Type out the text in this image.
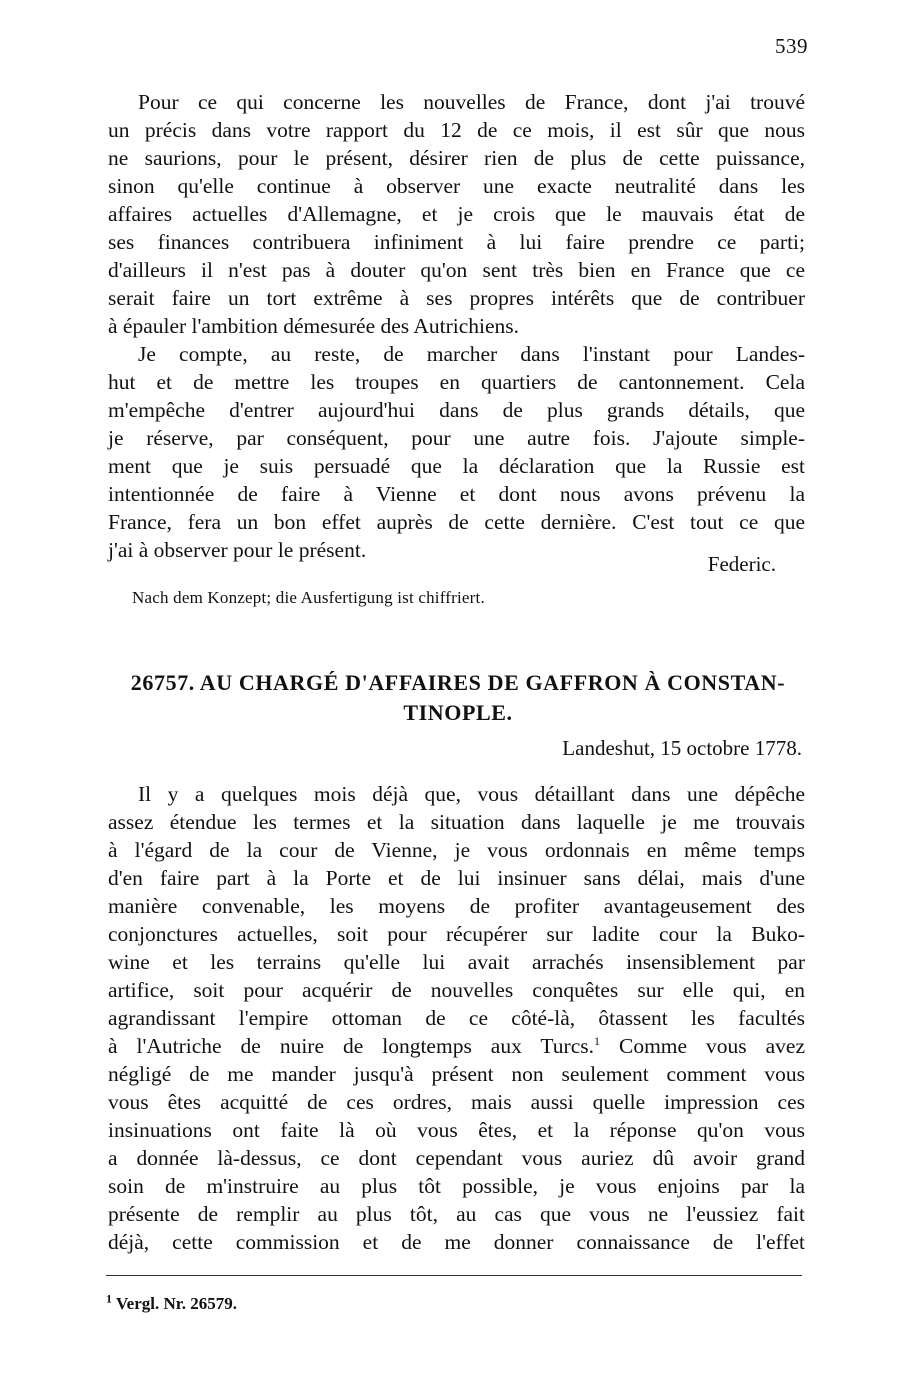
539
Pour ce qui concerne les nouvelles de France, dont j'ai trouvé
un précis dans votre rapport du 12 de ce mois, il est sûr que nous
ne saurions, pour le présent, désirer rien de plus de cette puissance,
sinon qu'elle continue à observer une exacte neutralité dans les
affaires actuelles d'Allemagne, et je crois que le mauvais état de
ses finances contribuera infiniment à lui faire prendre ce parti;
d'ailleurs il n'est pas à douter qu'on sent très bien en France que ce
serait faire un tort extrême à ses propres intérêts que de contribuer
à épauler l'ambition démesurée des Autrichiens.
Je compte, au reste, de marcher dans l'instant pour Landes-
hut et de mettre les troupes en quartiers de cantonnement. Cela
m'empêche d'entrer aujourd'hui dans de plus grands détails, que
je réserve, par conséquent, pour une autre fois. J'ajoute simple-
ment que je suis persuadé que la déclaration que la Russie est
intentionnée de faire à Vienne et dont nous avons prévenu la
France, fera un bon effet auprès de cette dernière. C'est tout ce que
j'ai à observer pour le présent.
Federic.
Nach dem Konzept; die Ausfertigung ist chiffriert.
26757. AU CHARGÉ D'AFFAIRES DE GAFFRON À CONSTAN-
TINOPLE.
Landeshut, 15 octobre 1778.
Il y a quelques mois déjà que, vous détaillant dans une dépêche
assez étendue les termes et la situation dans laquelle je me trouvais
à l'égard de la cour de Vienne, je vous ordonnais en même temps
d'en faire part à la Porte et de lui insinuer sans délai, mais d'une
manière convenable, les moyens de profiter avantageusement des
conjonctures actuelles, soit pour récupérer sur ladite cour la Buko-
wine et les terrains qu'elle lui avait arrachés insensiblement par
artifice, soit pour acquérir de nouvelles conquêtes sur elle qui, en
agrandissant l'empire ottoman de ce côté-là, ôtassent les facultés
à l'Autriche de nuire de longtemps aux Turcs.$^1$ Comme vous avez
négligé de me mander jusqu'à présent non seulement comment vous
vous êtes acquitté de ces ordres, mais aussi quelle impression ces
insinuations ont faite là où vous êtes, et la réponse qu'on vous
a donnée là-dessus, ce dont cependant vous auriez dû avoir grand
soin de m'instruire au plus tôt possible, je vous enjoins par la
présente de remplir au plus tôt, au cas que vous ne l'eussiez fait
déjà, cette commission et de me donner connaissance de l'effet
$^1$ Vergl. Nr. 26579.
